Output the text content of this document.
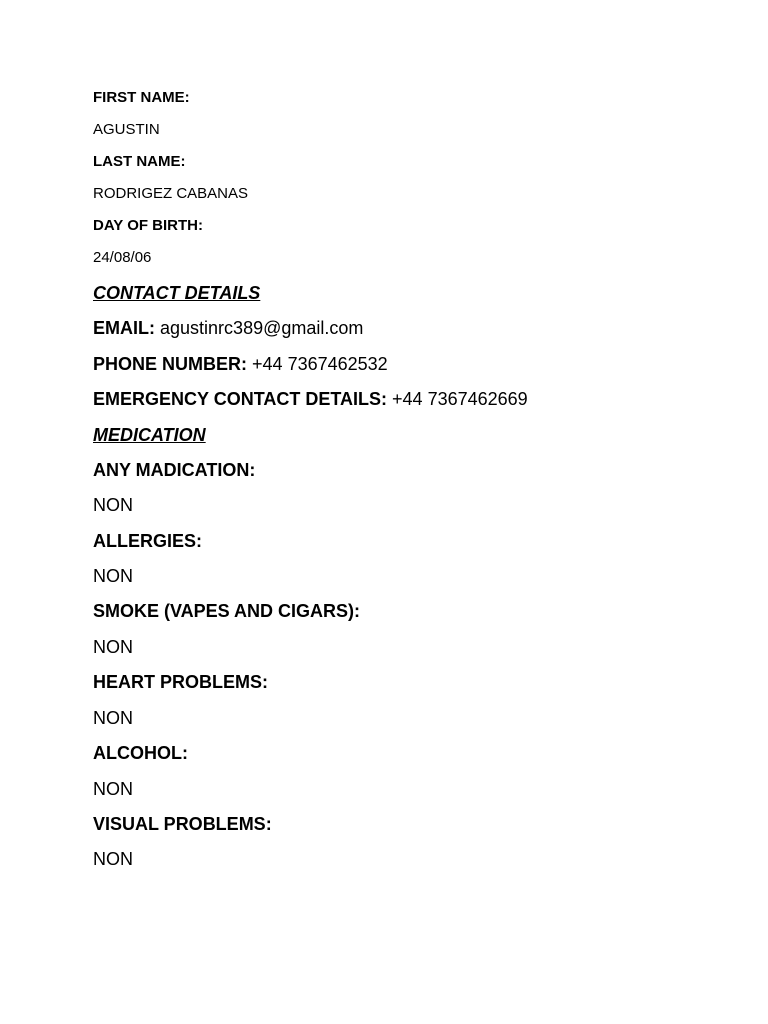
FIRST NAME:
AGUSTIN
LAST NAME:
RODRIGEZ CABANAS
DAY OF BIRTH:
24/08/06
CONTACT DETAILS
EMAIL: agustinrc389@gmail.com
PHONE NUMBER: +44 7367462532
EMERGENCY CONTACT DETAILS: +44 7367462669
MEDICATION
ANY MADICATION:
NON
ALLERGIES:
NON
SMOKE (VAPES AND CIGARS):
NON
HEART PROBLEMS:
NON
ALCOHOL:
NON
VISUAL PROBLEMS:
NON
